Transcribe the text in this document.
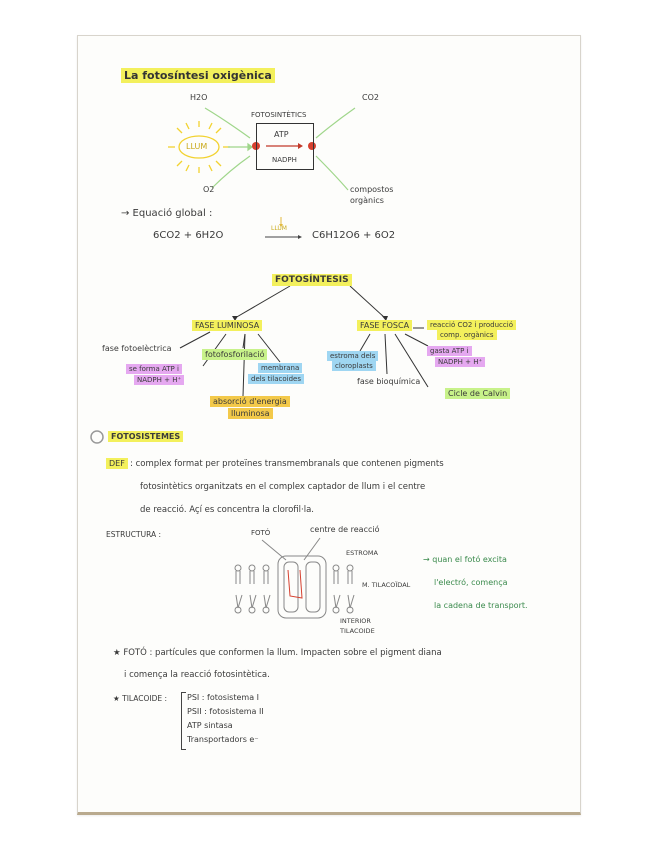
La fotosíntesi oxigènica
H2O	CO2
FOTOSINTÈTICS
ATP
NADPH
LLUM
O2	compostos
orgànics
→ Equació global :
6CO2 + 6H2O
LLUM
C6H12O6 + 6O2
FOTOSÍNTESIS
FASE LUMINOSA	FASE FOSCA
fase fotoelèctrica
se forma ATP i
NADPH + H⁺
fotofosforilació
membrana
dels tilacoides
absorció d'energia
lluminosa
reacció CO2 i producció
comp. orgànics
estroma dels
cloroplasts
gasta ATP i
NADPH + H⁺
fase bioquímica
Cicle de Calvin
FOTOSISTEMES
DEF : complex format per proteïnes transmembranals que contenen pigments
fotosintètics organitzats en el complex captador de llum i el centre
de reacció. Açí es concentra la clorofil·la.
ESTRUCTURA :	FOTÓ	centre de reacció
ESTROMA
M. TILACOÏDAL
INTERIOR
TILACOIDE
→ quan el fotó excita
l'electró, comença
la cadena de transport.
★ FOTÓ : partícules que conformen la llum. Impacten sobre el pigment diana
i comença la reacció fotosintètica.
★ TILACOIDE : PSI : fotosistema I
PSII : fotosistema II
ATP sintasa
Transportadors e⁻
